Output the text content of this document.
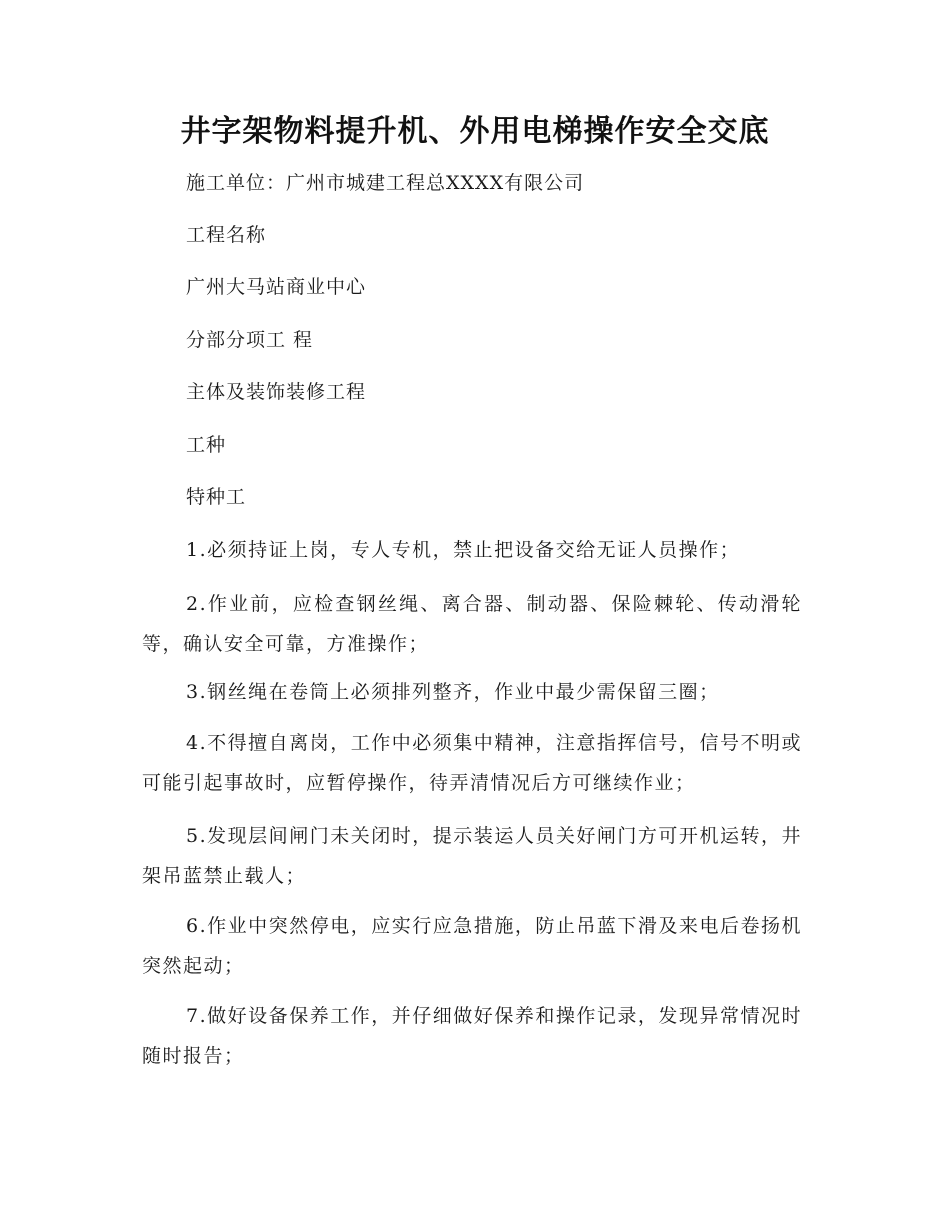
井字架物料提升机、外用电梯操作安全交底
施工单位：广州市城建工程总XXXX有限公司
工程名称
广州大马站商业中心
分部分项工 程
主体及装饰装修工程
工种
特种工
1.必须持证上岗，专人专机，禁止把设备交给无证人员操作；
2.作业前，应检查钢丝绳、离合器、制动器、保险棘轮、传动滑轮等，确认安全可靠，方准操作；
3.钢丝绳在卷筒上必须排列整齐，作业中最少需保留三圈；
4.不得擅自离岗，工作中必须集中精神，注意指挥信号，信号不明或可能引起事故时，应暂停操作，待弄清情况后方可继续作业；
5.发现层间闸门未关闭时，提示装运人员关好闸门方可开机运转，井架吊蓝禁止载人；
6.作业中突然停电，应实行应急措施，防止吊蓝下滑及来电后卷扬机突然起动；
7.做好设备保养工作，并仔细做好保养和操作记录，发现异常情况时随时报告；
